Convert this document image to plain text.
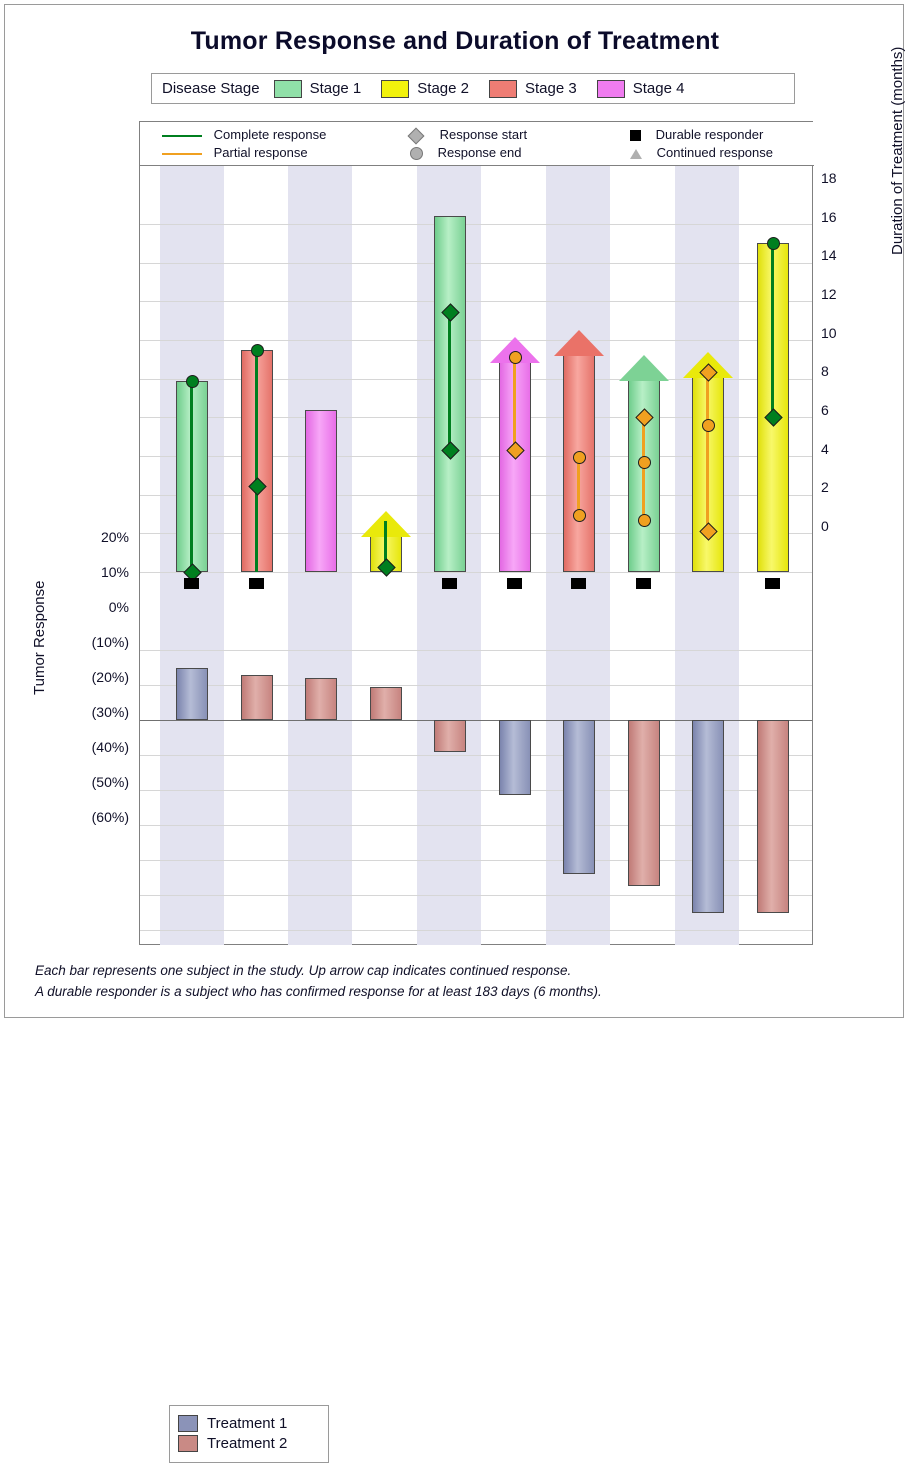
Tumor Response and Duration of Treatment
Disease Stage	Stage 1	Stage 2	Stage 3	Stage 4
Complete response
Partial response
Response start
Response end
Durable responder
Continued response
Treatment 1
Treatment 2
0
2
4
6
8
10
12
14
16
18
20%
10%
0%
(10%)
(20%)
(30%)
(40%)
(50%)
(60%)
Tumor Response
Duration of Treatment (months)
Each bar represents one subject in the study. Up arrow cap indicates continued response.
A durable responder is a subject who has confirmed response for at least 183 days (6 months).
